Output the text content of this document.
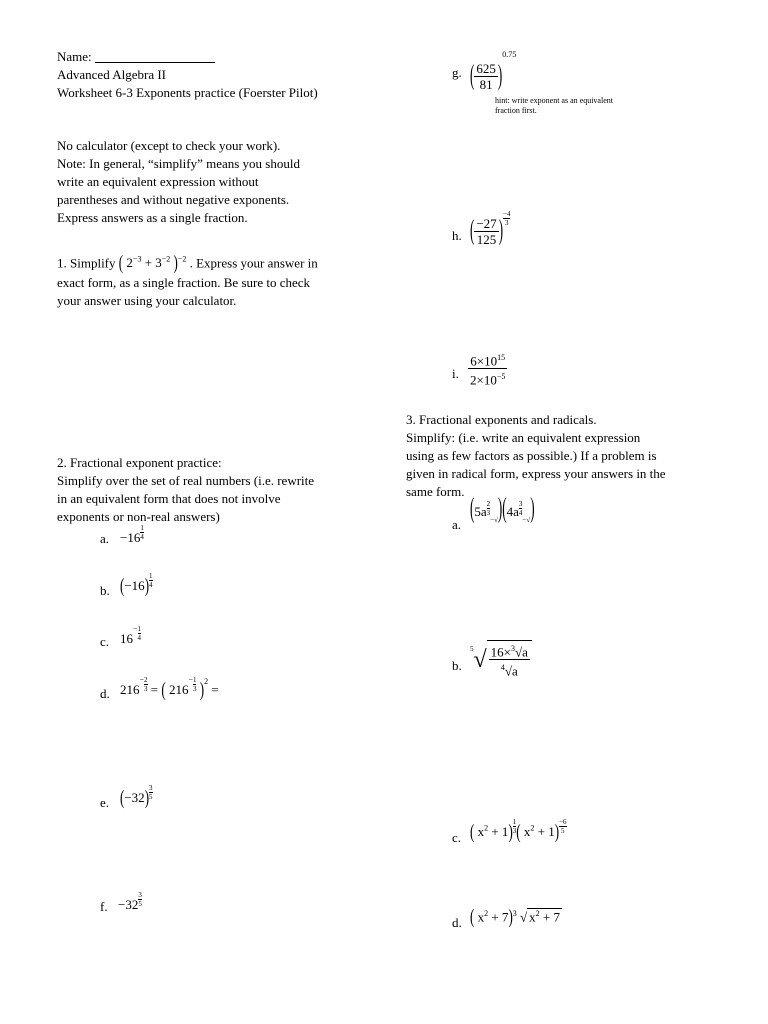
Name:
Advanced Algebra II
Worksheet 6-3 Exponents practice (Foerster Pilot)
No calculator (except to check your work).
Note: In general, “simplify” means you should
write an equivalent expression without
parentheses and without negative exponents.
Express answers as a single fraction.
1. Simplify ( $2^{-3} + 3^{-2}$ )$^{-2}$ . Express your answer in
exact form, as a single fraction. Be sure to check
your answer using your calculator.
2. Fractional exponent practice:
Simplify over the set of real numbers (i.e. rewrite
in an equivalent form that does not involve
exponents or non-real answers)
a. $-16 \frac{1}{4}$
b. $(-16) \frac{1}{4}$
c. $16^- \frac{1}{4}$
d. $216^- \frac{2}{3}$ = ( $216^- \frac{1}{3} )^2$ =
e. $(-32) \frac{3}{5}$
f. $-32 \frac{3}{5}$
g. ( $\frac{625}{81} )^{0.75}$
hint: write exponent as an equivalent
fraction first.
h. ( $\frac{-27}{125}$ ) $\frac{-4}{3}$
i. $\frac{6\times 10^{15}}{2\times 10^{-5}}$
3. Fractional exponents and radicals.
Simplify: (i.e. write an equivalent expression
using as few factors as possible.) If a problem is
given in radical form, express your answers in the
same form.
a.
($5a \frac{2}{3}$
$_{-√})(4a \frac{3}{4}$
$_{-√}$)
b.
$^5√ \frac{16\times^3√a}{^4√a}$
c. ( $x^2 + 1) \frac{1}{3}$ ( $x^2 + 1) \frac{-6}{5}$
d. ( $x^2 + 7)^3$ √ $x^2 + 7$
